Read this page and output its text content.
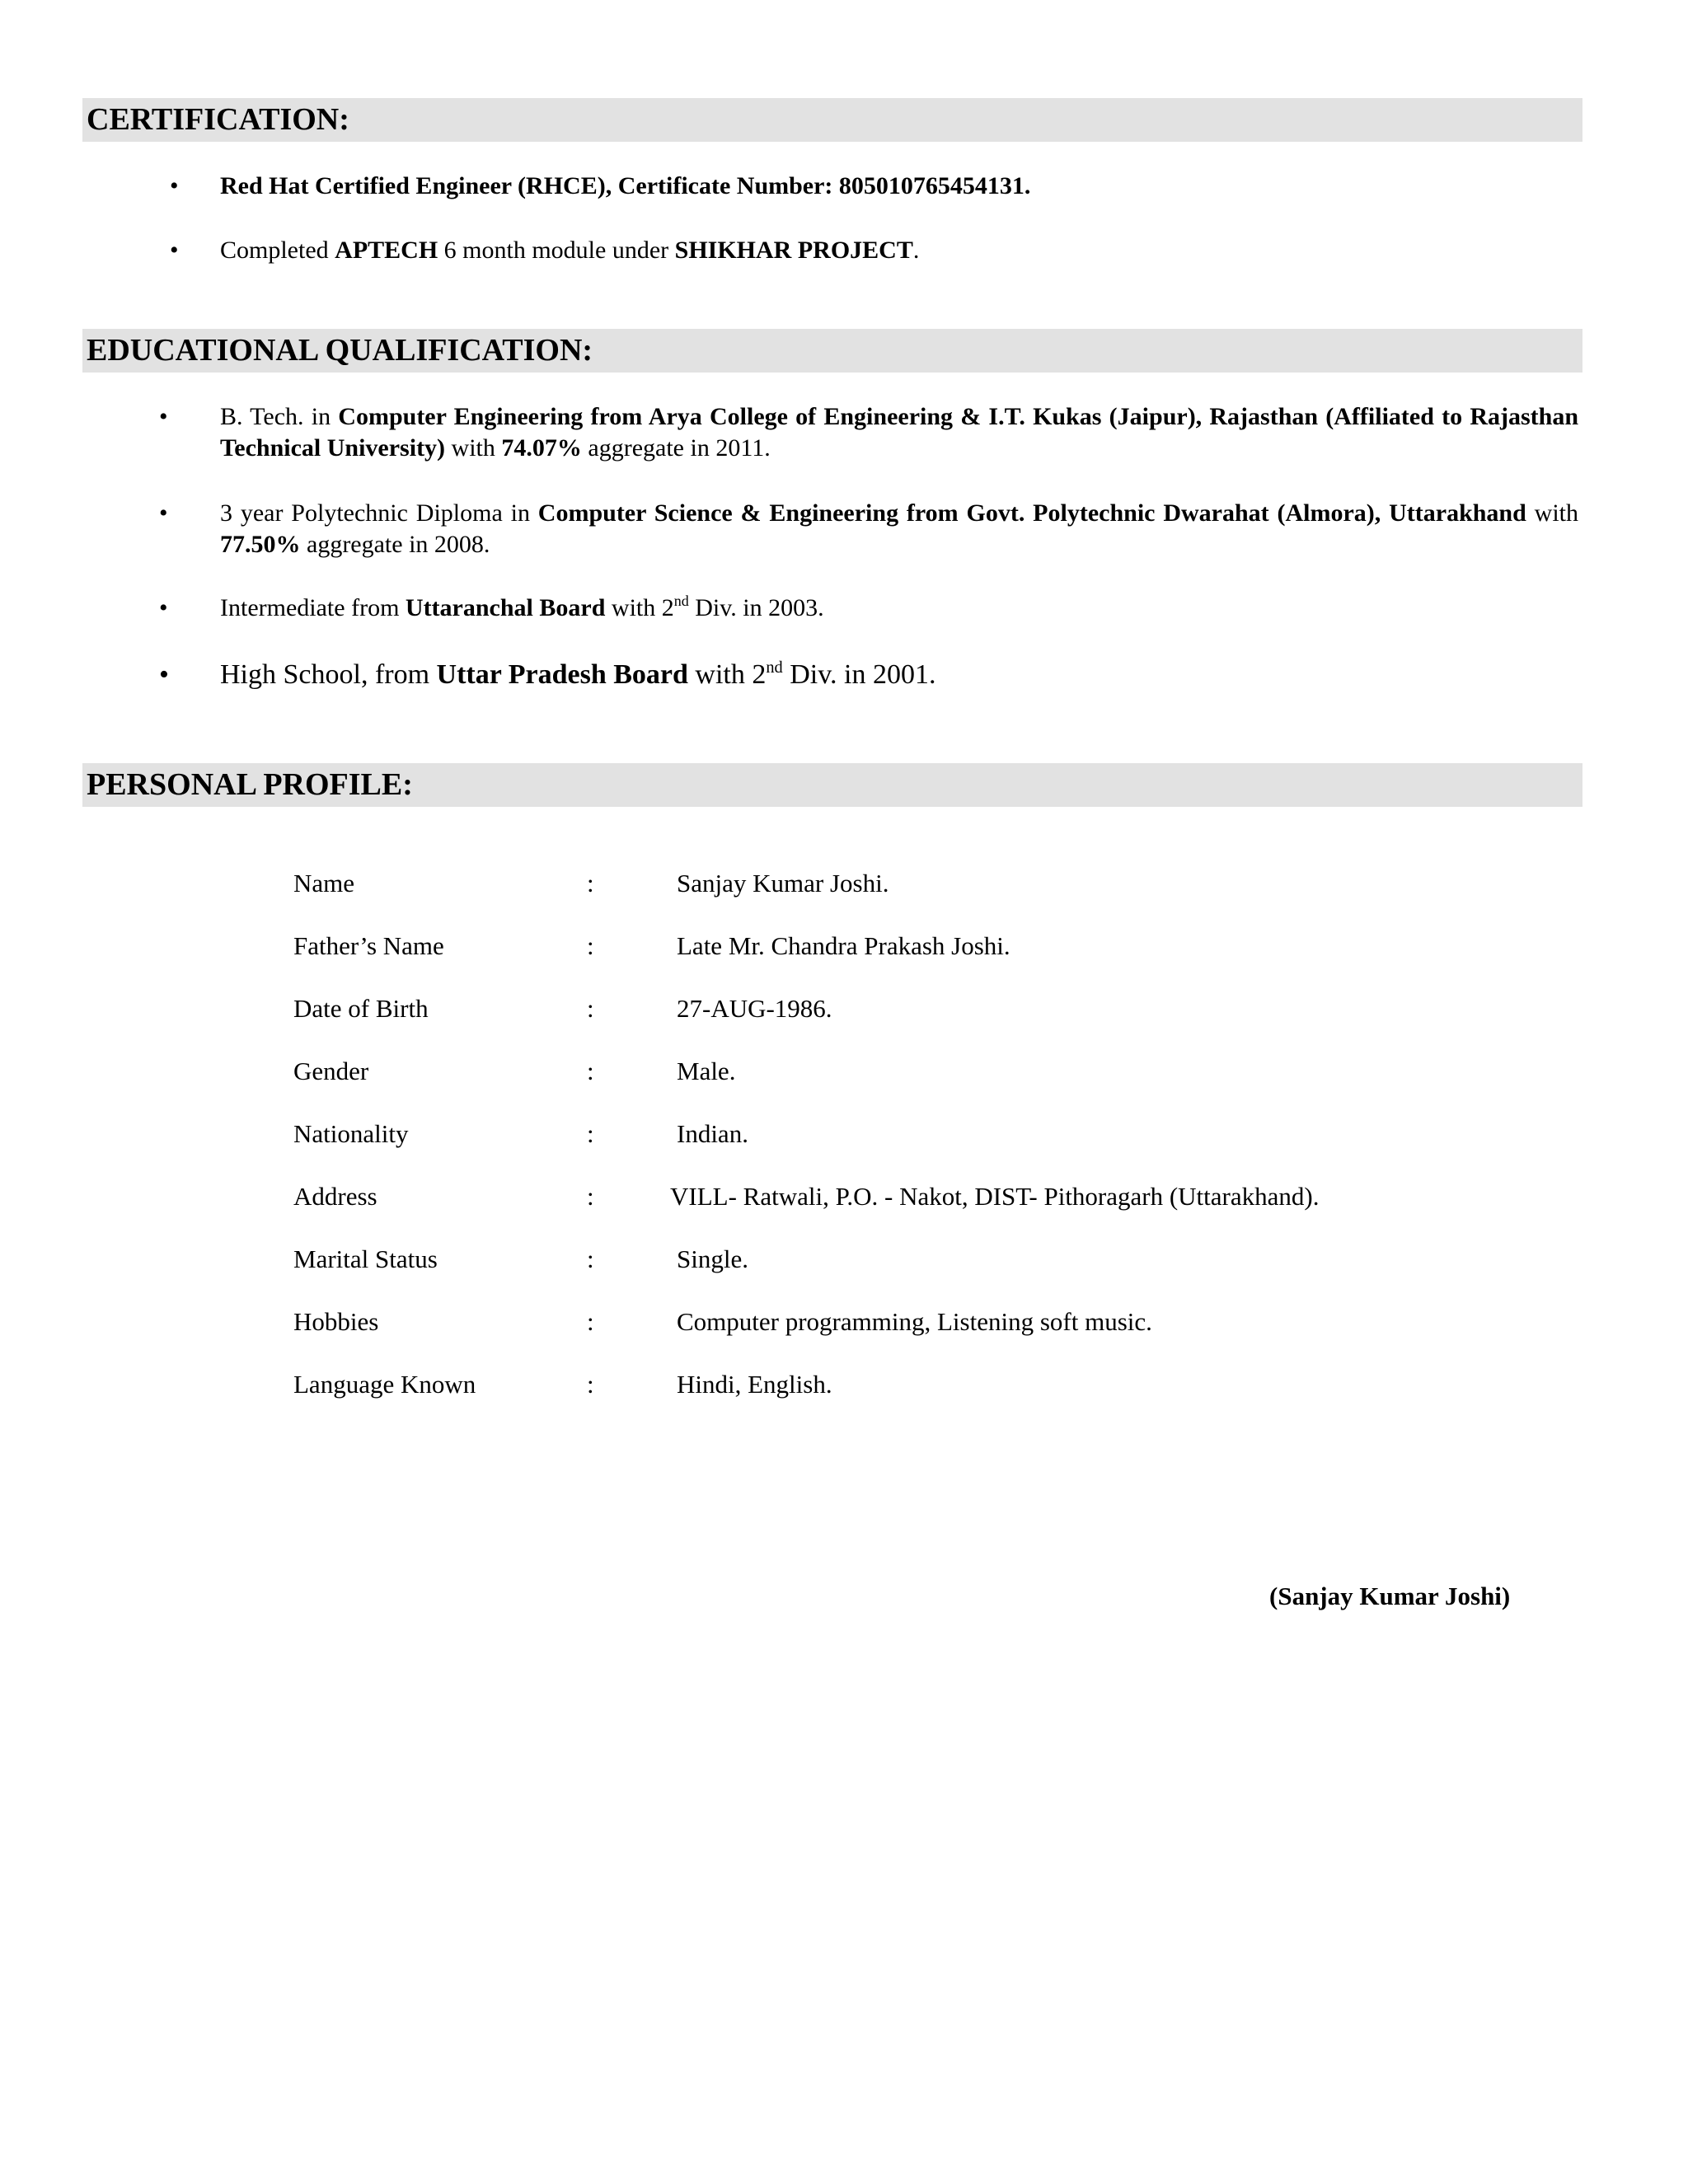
CERTIFICATION:
• Red Hat Certified Engineer (RHCE), Certificate Number: 805010765454131.
• Completed APTECH 6 month module under SHIKHAR PROJECT.
EDUCATIONAL QUALIFICATION:
• B. Tech. in Computer Engineering from Arya College of Engineering & I.T. Kukas (Jaipur), Rajasthan (Affiliated to Rajasthan Technical University) with 74.07% aggregate in 2011.
• 3 year Polytechnic Diploma in Computer Science & Engineering from Govt. Polytechnic Dwarahat (Almora), Uttarakhand with 77.50% aggregate in 2008.
• Intermediate from Uttaranchal Board with 2nd Div. in 2003.
• High School, from Uttar Pradesh Board with 2nd Div. in 2001.
PERSONAL PROFILE:
Name	:	Sanjay Kumar Joshi.
Father’s Name	:	Late Mr. Chandra Prakash Joshi.
Date of Birth	:	27-AUG-1986.
Gender	:	Male.
Nationality	:	Indian.
Address	:	VILL- Ratwali, P.O. - Nakot, DIST- Pithoragarh (Uttarakhand).
Marital Status	:	Single.
Hobbies	:	Computer programming, Listening soft music.
Language Known	:	Hindi, English.
(Sanjay Kumar Joshi)
